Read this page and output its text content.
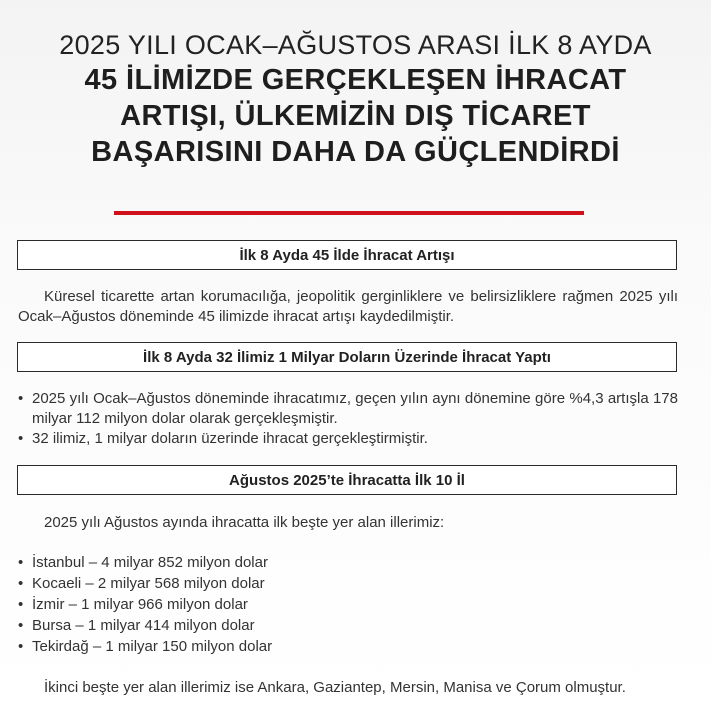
2025 YILI OCAK–AĞUSTOS ARASI İLK 8 AYDA

45 İLİMİZDE GERÇEKLEŞEN İHRACAT

ARTIŞI, ÜLKEMİZİN DIŞ TİCARET

BAŞARISINI DAHA DA GÜÇLENDİRDİ

İlk 8 Ayda 45 İlde İhracat Artışı

Küresel ticarette artan korumacılığa, jeopolitik gerginliklere ve belirsizliklere rağmen 2025 yılı Ocak–Ağustos döneminde 45 ilimizde ihracat artışı kaydedilmiştir.

İlk 8 Ayda 32 İlimiz 1 Milyar Doların Üzerinde İhracat Yaptı
• 2025 yılı Ocak–Ağustos döneminde ihracatımız, geçen yılın aynı dönemine göre %4,3 artışla 178 milyar 112 milyon dolar olarak gerçekleşmiştir.
• 32 ilimiz, 1 milyar doların üzerinde ihracat gerçekleştirmiştir.
Ağustos 2025’te İhracatta İlk 10 İl

2025 yılı Ağustos ayında ihracatta ilk beşte yer alan illerimiz:

• İstanbul – 4 milyar 852 milyon dolar
• Kocaeli – 2 milyar 568 milyon dolar
• İzmir – 1 milyar 966 milyon dolar
• Bursa – 1 milyar 414 milyon dolar
• Tekirdağ – 1 milyar 150 milyon dolar

İkinci beşte yer alan illerimiz ise Ankara, Gaziantep, Mersin, Manisa ve Çorum olmuştur.
